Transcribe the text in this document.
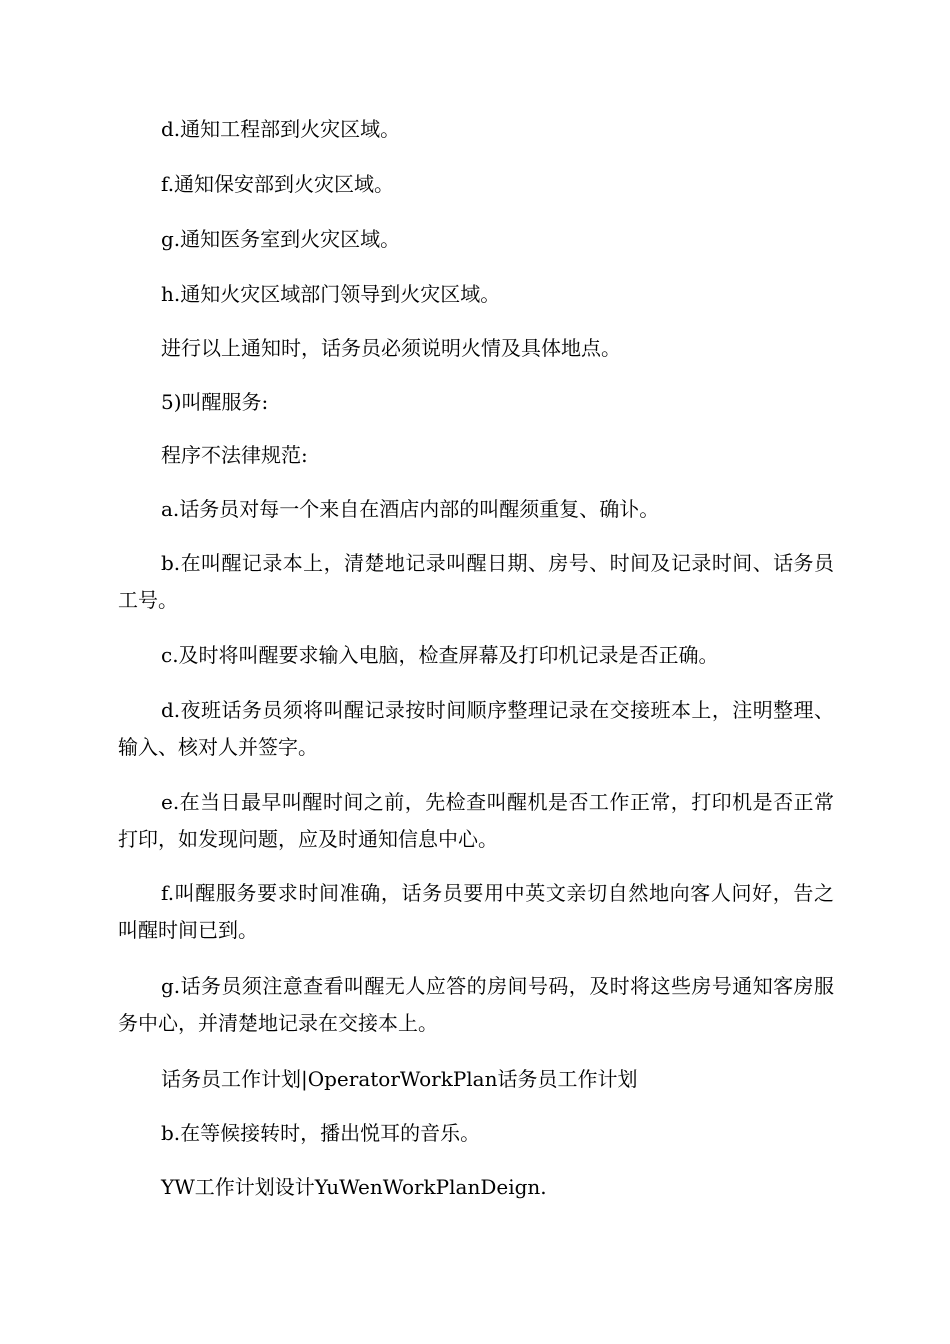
d.通知工程部到火灾区域。

f.通知保安部到火灾区域。

g.通知医务室到火灾区域。

h.通知火灾区域部门领导到火灾区域。

进行以上通知时，话务员必须说明火情及具体地点。

5)叫醒服务:

程序不法律规范:

a.话务员对每一个来自在酒店内部的叫醒须重复、确讣。

b.在叫醒记录本上，清楚地记录叫醒日期、房号、时间及记录时间、话务员工号。

c.及时将叫醒要求输入电脑，检查屏幕及打印机记录是否正确。

d.夜班话务员须将叫醒记录按时间顺序整理记录在交接班本上，注明整理、输入、核对人并签字。

e.在当日最早叫醒时间之前，先检查叫醒机是否工作正常，打印机是否正常打印，如发现问题，应及时通知信息中心。

f.叫醒服务要求时间准确，话务员要用中英文亲切自然地向客人问好，告之叫醒时间已到。

g.话务员须注意查看叫醒无人应答的房间号码，及时将这些房号通知客房服务中心，并清楚地记录在交接本上。

话务员工作计划|OperatorWorkPlan话务员工作计划

b.在等候接转时，播出悦耳的音乐。

YW工作计划设计YuWenWorkPlanDeign.
